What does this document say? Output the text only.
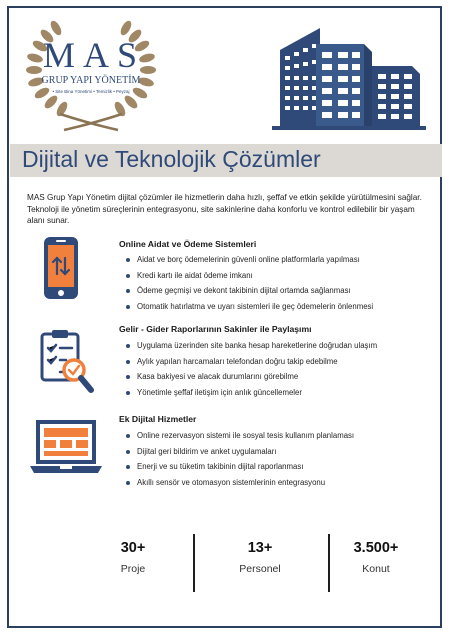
MAS
GRUP YAPI YÖNETİM
• Site Bina Yönetimi • Temizlik • Peyzaj
Dijital ve Teknolojik Çözümler
MAS Grup Yapı Yönetim dijital çözümler ile hizmetlerin daha hızlı, şeffaf ve etkin şekilde yürütülmesini sağlar. Teknoloji ile yönetim süreçlerinin entegrasyonu, site sakinlerine daha konforlu ve kontrol edilebilir bir yaşam alanı sunar.
Online Aidat ve Ödeme Sistemleri
Aidat ve borç ödemelerinin güvenli online platformlarla yapılması
Kredi kartı ile aidat ödeme imkanı
Ödeme geçmişi ve dekont takibinin dijital ortamda sağlanması
Otomatik hatırlatma ve uyarı sistemleri ile geç ödemelerin önlenmesi
Gelir - Gider Raporlarının Sakinler ile Paylaşımı
Uygulama üzerinden site banka hesap hareketlerine doğrudan ulaşım
Aylık yapılan harcamaları telefondan doğru takip edebilme
Kasa bakiyesi ve alacak durumlarını görebilme
Yönetimle şeffaf iletişim için anlık güncellemeler
Ek Dijital Hizmetler
Online rezervasyon sistemi ile sosyal tesis kullanım planlaması
Dijital geri bildirim ve anket uygulamaları
Enerji ve su tüketim takibinin dijital raporlanması
Akıllı sensör ve otomasyon sistemlerinin entegrasyonu
30+
Proje
13+
Personel
3.500+
Konut
